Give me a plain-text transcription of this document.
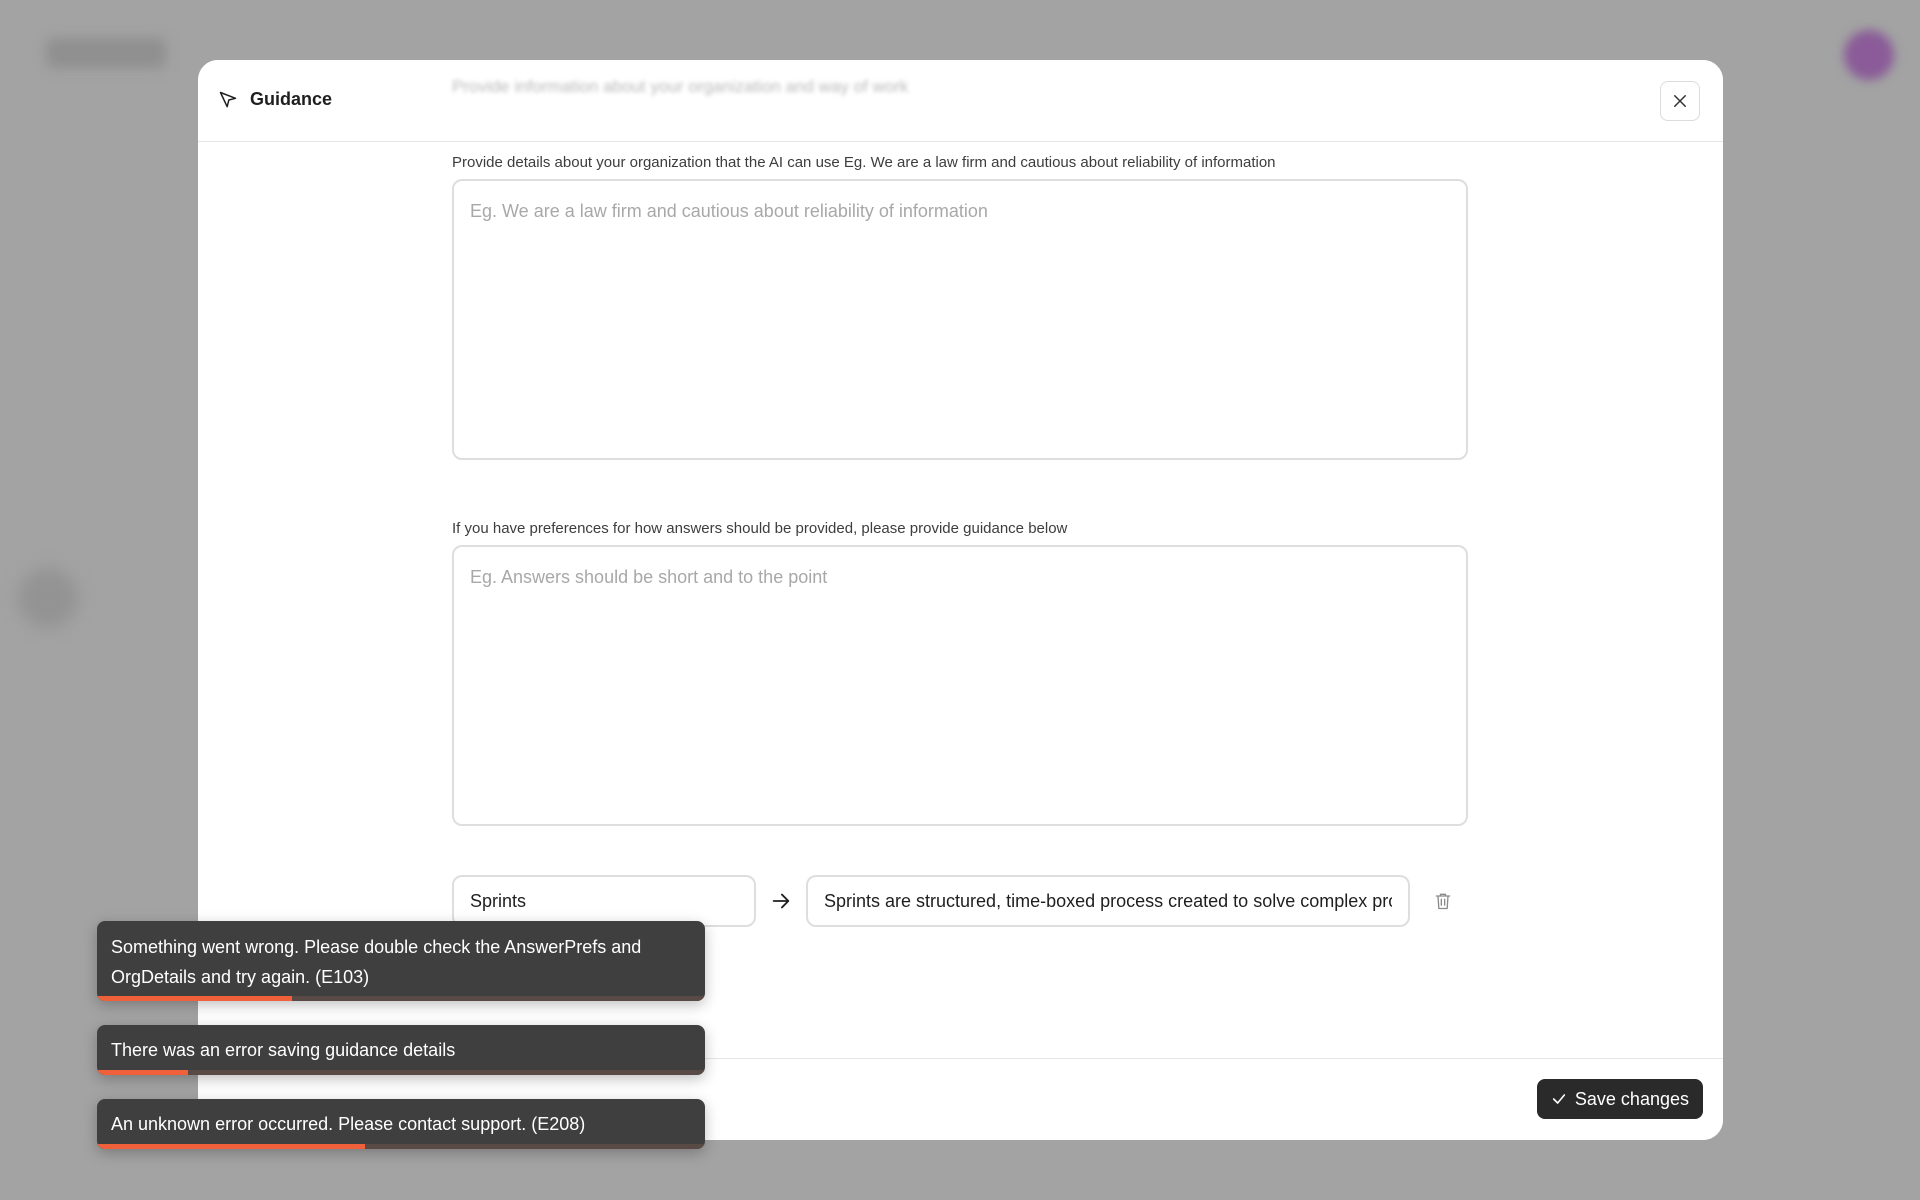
Guidance
Provide information about your organization and way of work
Provide details about your organization that the AI can use Eg. We are a law firm and cautious about reliability of information
Eg. We are a law firm and cautious about reliability of information
If you have preferences for how answers should be provided, please provide guidance below
Eg. Answers should be short and to the point
Sprints
Sprints are structured, time-boxed process created to solve complex pro
Save changes
Something went wrong. Please double check the AnswerPrefs and OrgDetails and try again. (E103)
There was an error saving guidance details
An unknown error occurred. Please contact support. (E208)
